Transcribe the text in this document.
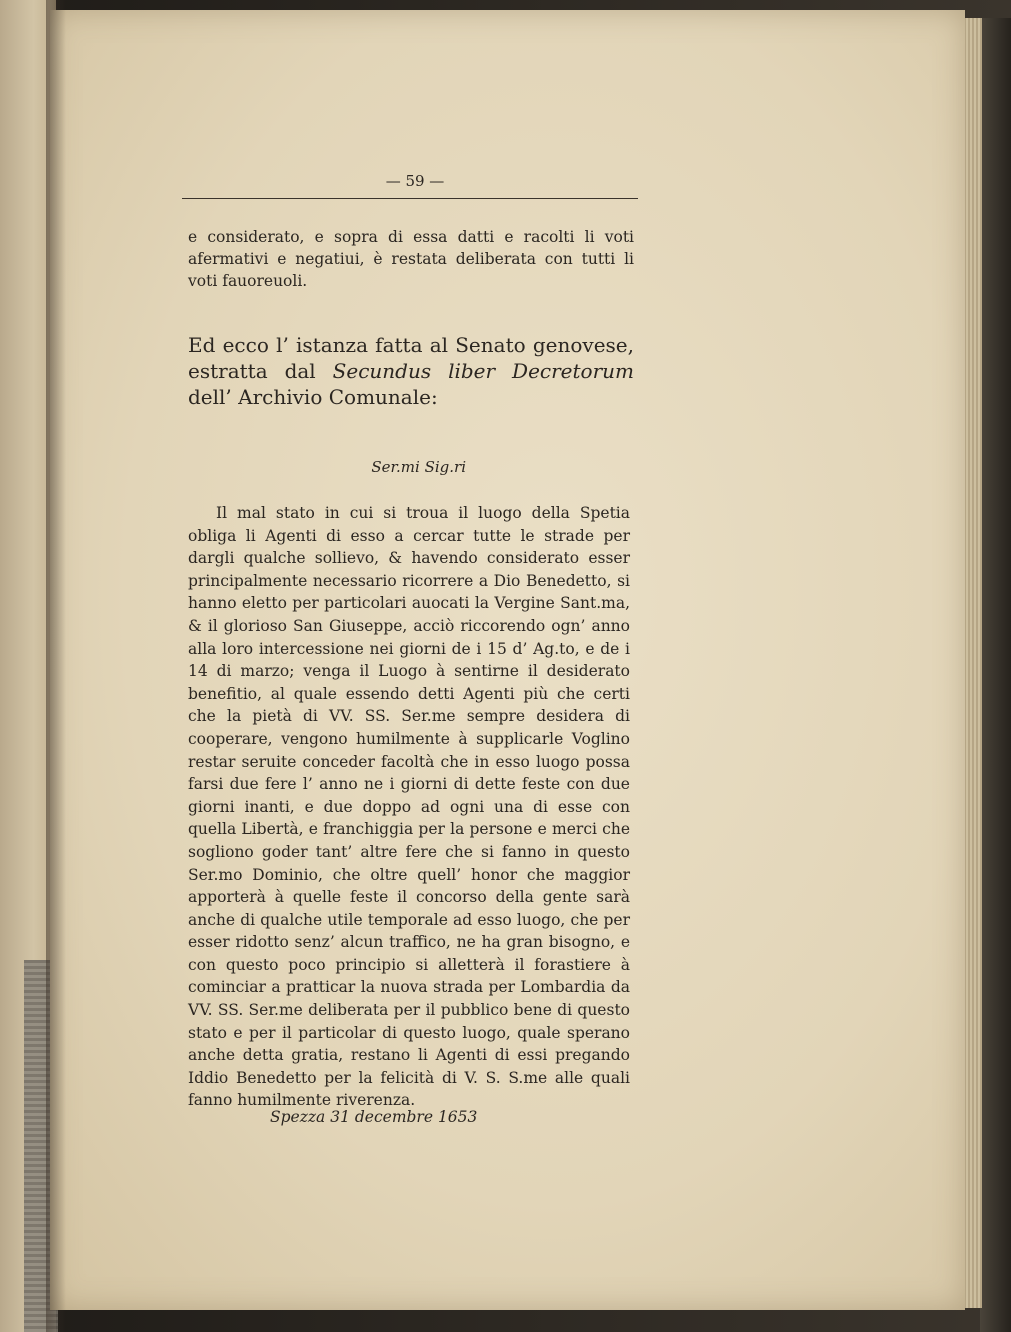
— 59 —
e considerato, e sopra di essa datti e racolti li voti afermativi e negatiui, è restata deliberata con tutti li voti fauoreuoli.
Ed ecco l’ istanza fatta al Senato genovese, estratta dal Secundus liber Decretorum dell’ Archivio Comunale:
Ser.mi Sig.ri
Il mal stato in cui si troua il luogo della Spetia obliga li Agenti di esso a cercar tutte le strade per dargli qualche sollievo, & havendo considerato esser principalmente necessario ricorrere a Dio Benedetto, si hanno eletto per particolari auocati la Vergine Sant.ma, & il glorioso San Giuseppe, acciò riccorendo ogn’ anno alla loro intercessione nei giorni de i 15 d’ Ag.to, e de i 14 di marzo; venga il Luogo à sentirne il desiderato benefitio, al quale essendo detti Agenti più che certi che la pietà di VV. SS. Ser.me sempre desidera di cooperare, vengono humilmente à supplicarle Voglino restar seruite conceder facoltà che in esso luogo possa farsi due fere l’ anno ne i giorni di dette feste con due giorni inanti, e due doppo ad ogni una di esse con quella Libertà, e franchiggia per la persone e merci che sogliono goder tant’ altre fere che si fanno in questo Ser.mo Dominio, che oltre quell’ honor che maggior apporterà à quelle feste il concorso della gente sarà anche di qualche utile temporale ad esso luogo, che per esser ridotto senz’ alcun traffico, ne ha gran bisogno, e con questo poco principio si alletterà il forastiere à cominciar a pratticar la nuova strada per Lombardia da VV. SS. Ser.me deliberata per il pubblico bene di questo stato e per il particolar di questo luogo, quale sperano anche detta gratia, restano li Agenti di essi pregando Iddio Benedetto per la felicità di V. S. S.me alle quali fanno humilmente riverenza.
Spezza 31 decembre 1653
